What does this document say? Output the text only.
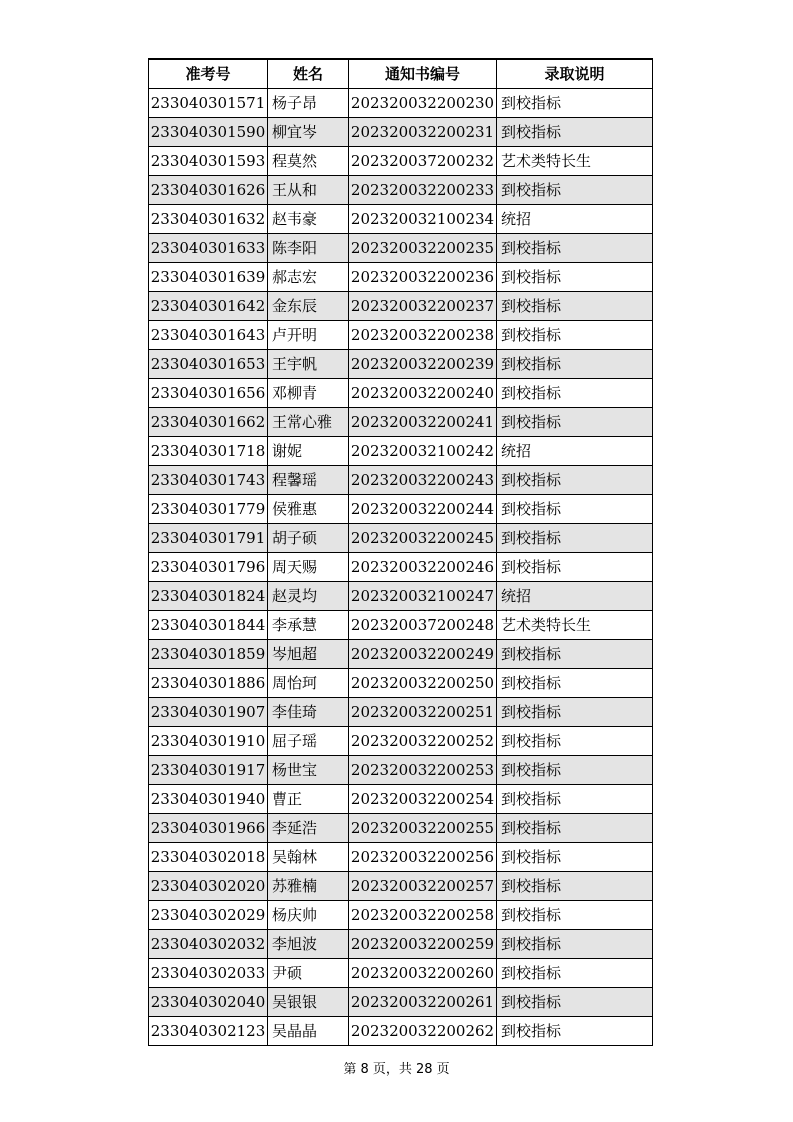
准考号	姓名	通知书编号	录取说明
233040301571	杨子昂	202320032200230	到校指标
233040301590	柳宜岑	202320032200231	到校指标
233040301593	程莫然	202320037200232	艺术类特长生
233040301626	王从和	202320032200233	到校指标
233040301632	赵韦豪	202320032100234	统招
233040301633	陈李阳	202320032200235	到校指标
233040301639	郝志宏	202320032200236	到校指标
233040301642	金东辰	202320032200237	到校指标
233040301643	卢开明	202320032200238	到校指标
233040301653	王宇帆	202320032200239	到校指标
233040301656	邓柳青	202320032200240	到校指标
233040301662	王常心雅	202320032200241	到校指标
233040301718	谢妮	202320032100242	统招
233040301743	程馨瑶	202320032200243	到校指标
233040301779	侯雅惠	202320032200244	到校指标
233040301791	胡子硕	202320032200245	到校指标
233040301796	周天赐	202320032200246	到校指标
233040301824	赵灵均	202320032100247	统招
233040301844	李承慧	202320037200248	艺术类特长生
233040301859	岑旭超	202320032200249	到校指标
233040301886	周怡珂	202320032200250	到校指标
233040301907	李佳琦	202320032200251	到校指标
233040301910	屈子瑶	202320032200252	到校指标
233040301917	杨世宝	202320032200253	到校指标
233040301940	曹正	202320032200254	到校指标
233040301966	李延浩	202320032200255	到校指标
233040302018	吴翰林	202320032200256	到校指标
233040302020	苏雅楠	202320032200257	到校指标
233040302029	杨庆帅	202320032200258	到校指标
233040302032	李旭波	202320032200259	到校指标
233040302033	尹硕	202320032200260	到校指标
233040302040	吴银银	202320032200261	到校指标
233040302123	吴晶晶	202320032200262	到校指标
第 8 页，共 28 页
